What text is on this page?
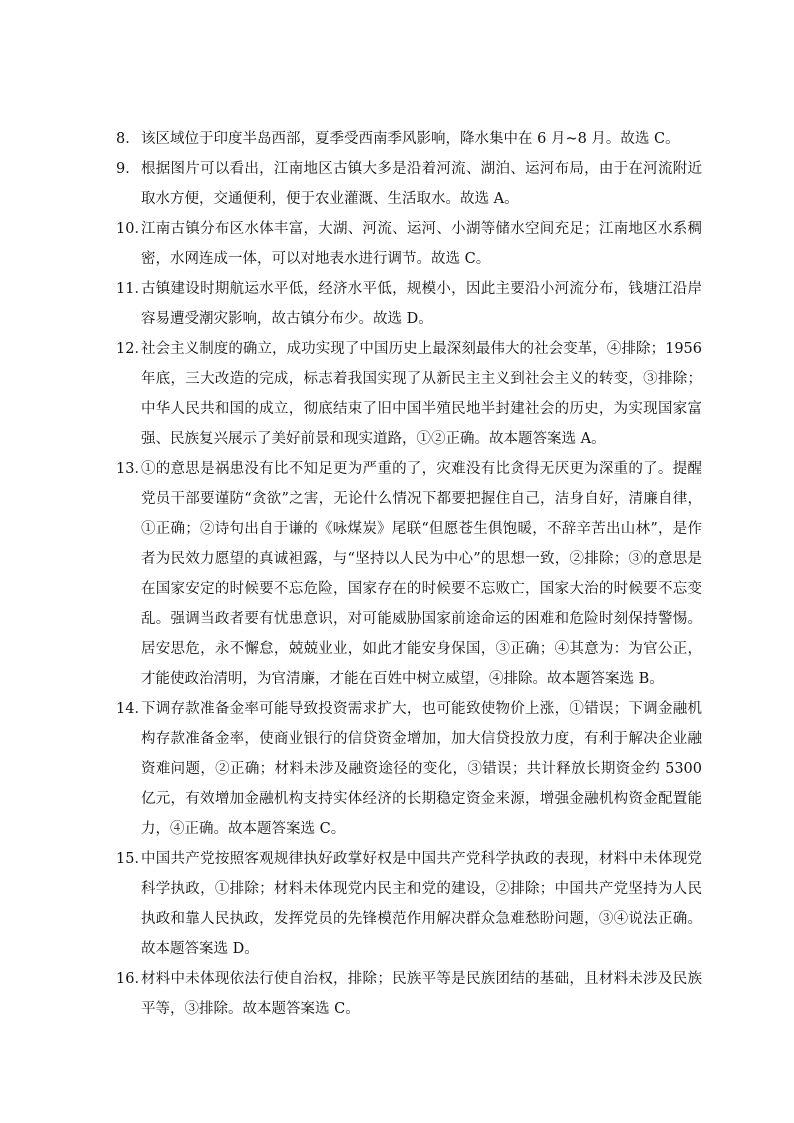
8． 该区域位于印度半岛西部，夏季受西南季风影响，降水集中在 6 月~8 月。故选 C。

9． 根据图片可以看出，江南地区古镇大多是沿着河流、湖泊、运河布局，由于在河流附近取水方便，交通便利，便于农业灌溉、生活取水。故选 A。

10．
江南古镇分布区水体丰富，大湖、河流、运河、小湖等储水空间充足；江南地区水系稠密，水网连成一体，可以对地表水进行调节。故选 C。

11．
古镇建设时期航运水平低，经济水平低，规模小，因此主要沿小河流分布，钱塘江沿岸容易遭受潮灾影响，故古镇分布少。故选 D。

12．
社会主义制度的确立，成功实现了中国历史上最深刻最伟大的社会变革，④排除；1956 年底，三大改造的完成，标志着我国实现了从新民主主义到社会主义的转变，③排除；中华人民共和国的成立，彻底结束了旧中国半殖民地半封建社会的历史，为实现国家富强、民族复兴展示了美好前景和现实道路，①②正确。故本题答案选 A。

13．
①的意思是祸患没有比不知足更为严重的了，灾难没有比贪得无厌更为深重的了。提醒党员干部要谨防“贪欲”之害，无论什么情况下都要把握住自己，洁身自好，清廉自律，①正确；②诗句出自于谦的《咏煤炭》尾联“但愿苍生俱饱暖，不辞辛苦出山林”，是作者为民效力愿望的真诚袒露，与“坚持以人民为中心”的思想一致，②排除；③的意思是在国家安定的时候要不忘危险，国家存在的时候要不忘败亡，国家大治的时候要不忘变乱。强调当政者要有忧患意识，对可能威胁国家前途命运的困难和危险时刻保持警惕。居安思危，永不懈怠，兢兢业业，如此才能安身保国，③正确；④其意为：为官公正，才能使政治清明，为官清廉，才能在百姓中树立威望，④排除。故本题答案选 B。

14．
下调存款准备金率可能导致投资需求扩大，也可能致使物价上涨，①错误；下调金融机构存款准备金率，使商业银行的信贷资金增加，加大信贷投放力度，有利于解决企业融资难问题，②正确；材料未涉及融资途径的变化，③错误；共计释放长期资金约 5300 亿元，有效增加金融机构支持实体经济的长期稳定资金来源，增强金融机构资金配置能力，④正确。故本题答案选 C。

15．
中国共产党按照客观规律执好政掌好权是中国共产党科学执政的表现，材料中未体现党科学执政，①排除；材料未体现党内民主和党的建设，②排除；中国共产党坚持为人民执政和靠人民执政，发挥党员的先锋模范作用解决群众急难愁盼问题，③④说法正确。故本题答案选 D。

16．
材料中未体现依法行使自治权，排除；民族平等是民族团结的基础，且材料未涉及民族平等，③排除。故本题答案选 C。
